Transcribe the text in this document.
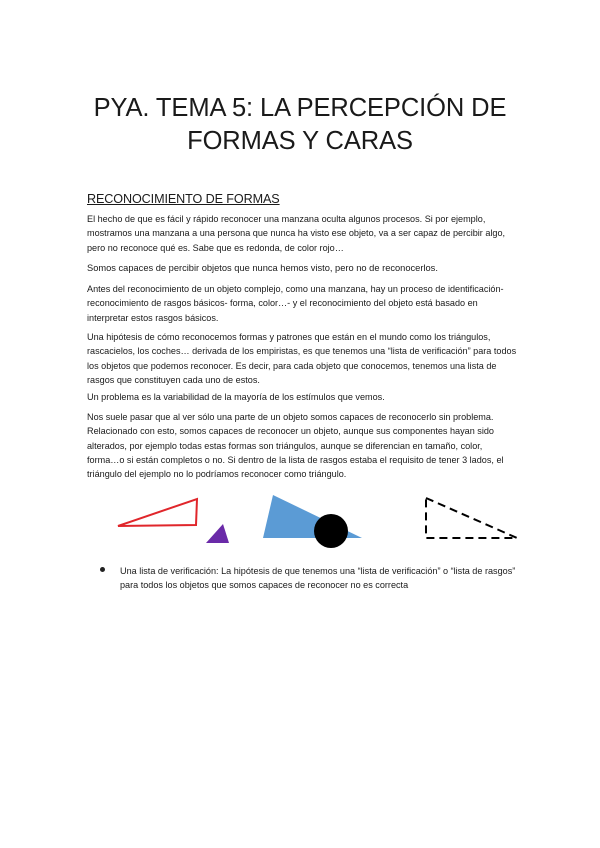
PYA. TEMA 5: LA PERCEPCIÓN DE FORMAS Y CARAS
RECONOCIMIENTO DE FORMAS

El hecho de que es fácil y rápido reconocer una manzana oculta algunos procesos. Si por ejemplo, mostramos una manzana a una persona que nunca ha visto ese objeto, va a ser capaz de percibir algo, pero no reconoce qué es. Sabe que es redonda, de color rojo…

Somos capaces de percibir objetos que nunca hemos visto, pero no de reconocerlos.

Antes del reconocimiento de un objeto complejo, como una manzana, hay un proceso de identificación-reconocimiento de rasgos básicos- forma, color…- y el reconocimiento del objeto está basado en interpretar estos rasgos básicos.

Una hipótesis de cómo reconocemos formas y patrones que están en el mundo como los triángulos, rascacielos, los coches… derivada de los empiristas, es que tenemos una “lista de verificación” para todos los objetos que podemos reconocer. Es decir, para cada objeto que conocemos, tenemos una lista de rasgos que constituyen cada uno de estos.

Un problema es la variabilidad de la mayoría de los estímulos que vemos.

Nos suele pasar que al ver sólo una parte de un objeto somos capaces de reconocerlo sin problema. Relacionado con esto, somos capaces de reconocer un objeto, aunque sus componentes hayan sido alterados, por ejemplo todas estas formas son triángulos, aunque se diferencian en tamaño, color, forma…o si están completos o no. Si dentro de la lista de rasgos estaba el requisito de tener 3 lados, el triángulo del ejemplo no lo podríamos reconocer como triángulo.

Una lista de verificación: La hipótesis de que tenemos una “lista de verificación” o “lista de rasgos” para todos los objetos que somos capaces de reconocer no es correcta
